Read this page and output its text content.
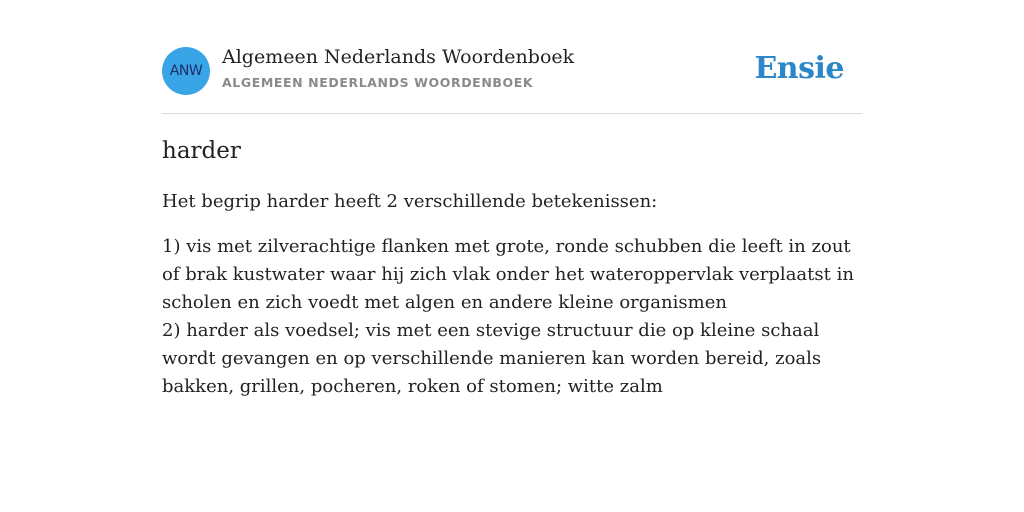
ANW
Algemeen Nederlands Woordenboek
ALGEMEEN NEDERLANDS WOORDENBOEK	Ensie
harder
Het begrip harder heeft 2 verschillende betekenissen:

1) vis met zilverachtige flanken met grote, ronde schubben die leeft in zout of brak kustwater waar hij zich vlak onder het wateroppervlak verplaatst in scholen en zich voedt met algen en andere kleine organismen

2) harder als voedsel; vis met een stevige structuur die op kleine schaal wordt gevangen en op verschillende manieren kan worden bereid, zoals bakken, grillen, pocheren, roken of stomen; witte zalm
